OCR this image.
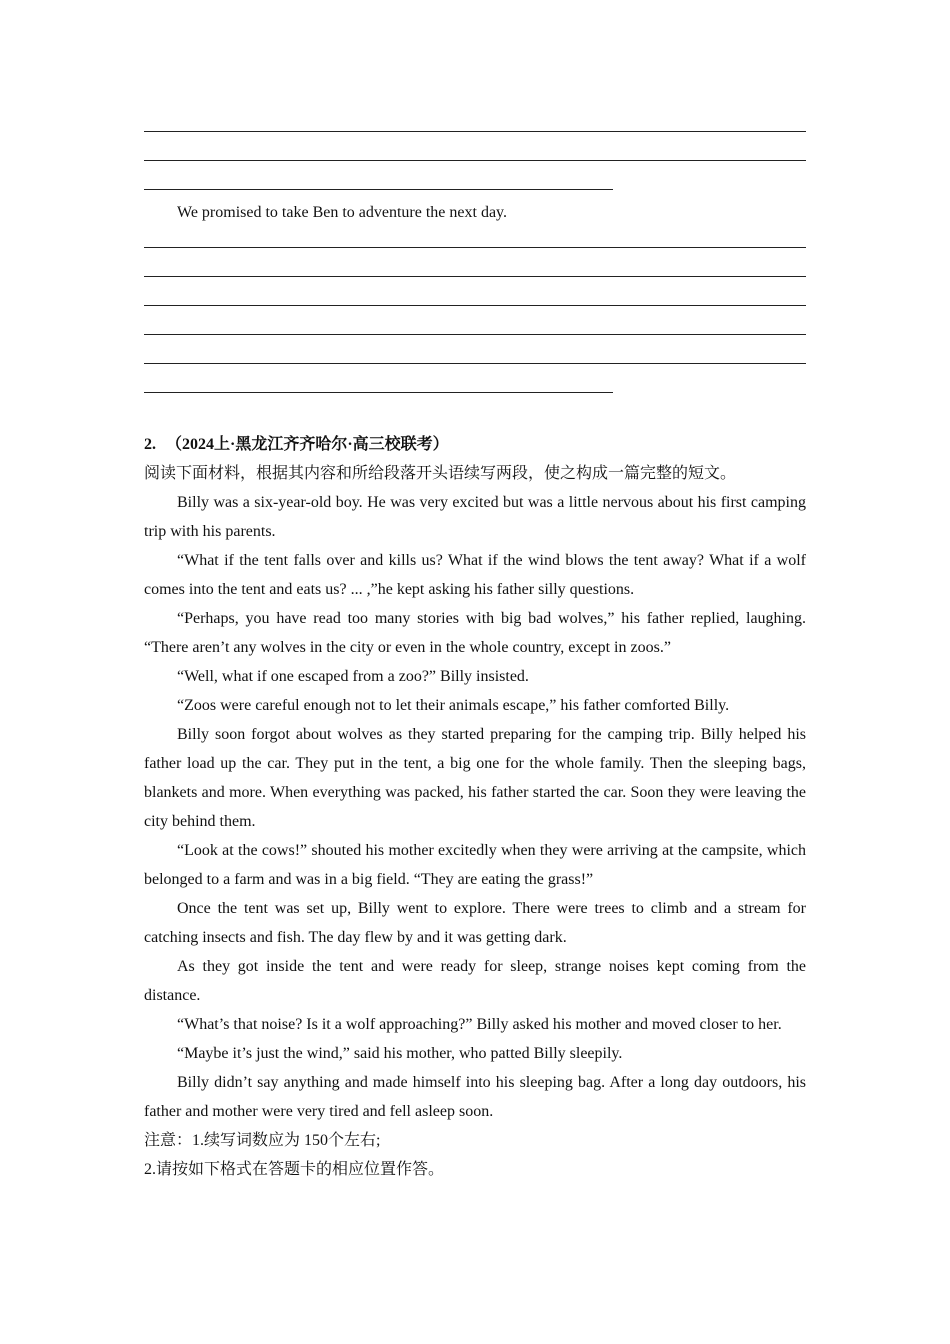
We promised to take Ben to adventure the next day.
2. （2024上·黑龙江齐齐哈尔·高三校联考）
阅读下面材料，根据其内容和所给段落开头语续写两段，使之构成一篇完整的短文。
Billy was a six-year-old boy. He was very excited but was a little nervous about his first camping trip with his parents.
“What if the tent falls over and kills us? What if the wind blows the tent away? What if a wolf comes into the tent and eats us? ... ,”he kept asking his father silly questions.
“Perhaps, you have read too many stories with big bad wolves,” his father replied, laughing. “There aren’t any wolves in the city or even in the whole country, except in zoos.”
“Well, what if one escaped from a zoo?” Billy insisted.
“Zoos were careful enough not to let their animals escape,” his father comforted Billy.
Billy soon forgot about wolves as they started preparing for the camping trip. Billy helped his father load up the car. They put in the tent, a big one for the whole family. Then the sleeping bags, blankets and more. When everything was packed, his father started the car. Soon they were leaving the city behind them.
“Look at the cows!” shouted his mother excitedly when they were arriving at the campsite, which belonged to a farm and was in a big field. “They are eating the grass!”
Once the tent was set up, Billy went to explore. There were trees to climb and a stream for catching insects and fish. The day flew by and it was getting dark.
As they got inside the tent and were ready for sleep, strange noises kept coming from the distance.
“What’s that noise? Is it a wolf approaching?” Billy asked his mother and moved closer to her.
“Maybe it’s just the wind,” said his mother, who patted Billy sleepily.
Billy didn’t say anything and made himself into his sleeping bag. After a long day outdoors, his father and mother were very tired and fell asleep soon.
注意：1.续写词数应为 150个左右;
2.请按如下格式在答题卡的相应位置作答。
